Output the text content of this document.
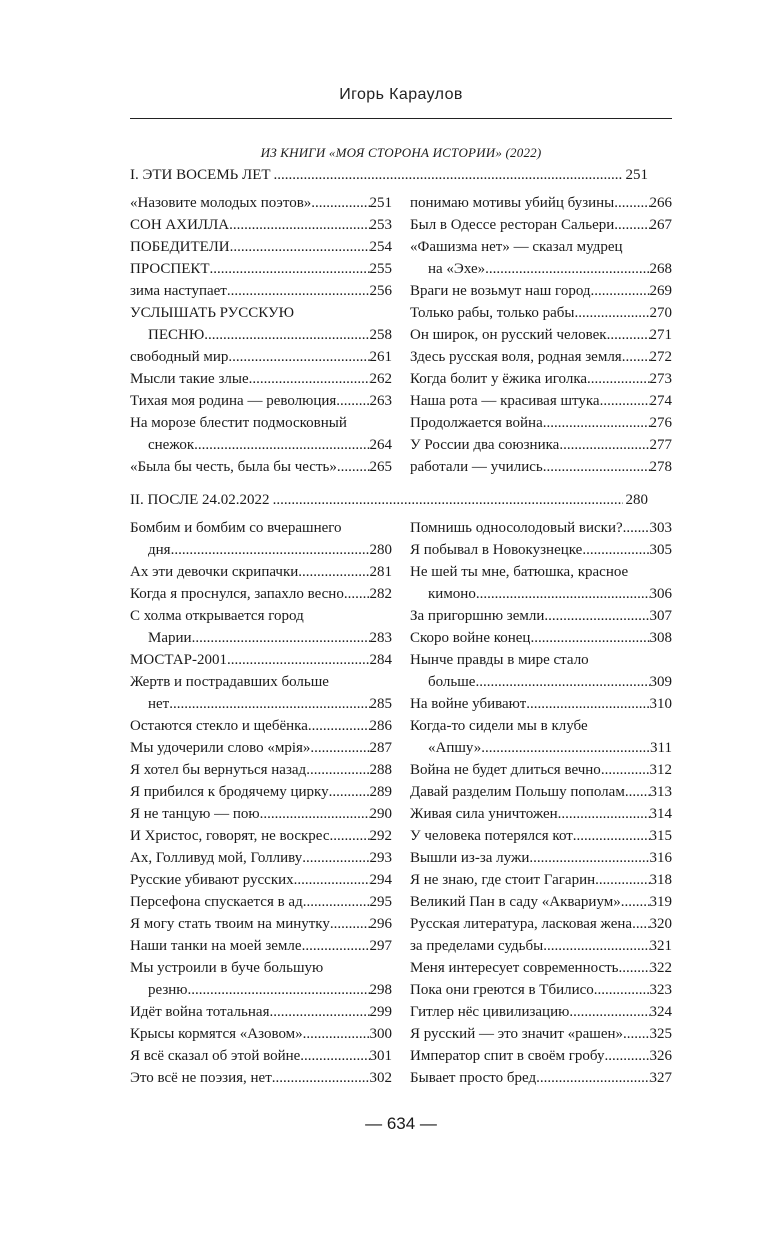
Игорь Караулов
ИЗ КНИГИ «МОЯ СТОРОНА ИСТОРИИ» (2022)
I. ЭТИ ВОСЕМЬ ЛЕТ .....	251
«Назовите молодых поэтов» .....	251
СОН АХИЛЛА .....	253
ПОБЕДИТЕЛИ .....	254
ПРОСПЕКТ .....	255
зима наступает .....	256
УСЛЫШАТЬ РУССКУЮ
ПЕСНЮ .....	258
свободный мир .....	261
Мысли такие злые .....	262
Тихая моя родина — революция ..... 263
На морозе блестит подмосковный
снежок .....	264
«Была бы честь, была бы честь» ..... 265
понимаю мотивы убийц бузины ..... 266
Был в Одессе ресторан Сальери ..... 267
«Фашизма нет» — сказал мудрец
на «Эхе» .....	268
Враги не возьмут наш город .....	269
Только рабы, только рабы .....	270
Он широк, он русский человек .....	271
Здесь русская воля, родная земля ..... 272
Когда болит у ёжика иголка .....	273
Наша рота — красивая штука .....	274
Продолжается война .....	276
У России два союзника .....	277
работали — учились .....	278
II. ПОСЛЕ 24.02.2022 .....	280
Бомбим и бомбим со вчерашнего
дня .....	280
Ах эти девочки скрипачки .....	281
Когда я проснулся, запахло весно ..... 282
С холма открывается город
Марии .....	283
МОСТАР-2001 .....	284
Жертв и пострадавших больше
нет .....	285
Остаются стекло и щебёнка .....	286
Мы удочерили слово «мрія» .....	287
Я хотел бы вернуться назад .....	288
Я прибился к бродячему цирку .....	289
Я не танцую — пою .....	290
И Христос, говорят, не воскрес .....	292
Ах, Голливуд мой, Голливу .....	293
Русские убивают русских .....	294
Персефона спускается в ад .....	295
Я могу стать твоим на минутку .....	296
Наши танки на моей земле .....	297
Мы устроили в буче большую
резню .....	298
Идёт война тотальная .....	299
Крысы кормятся «Азовом» .....	300
Я всё сказал об этой войне .....	301
Это всё не поэзия, нет .....	302
Помнишь односолодовый виски? ..... 303
Я побывал в Новокузнецке .....	305
Не шей ты мне, батюшка, красное
кимоно .....	306
За пригоршню земли .....	307
Скоро войне конец .....	308
Нынче правды в мире стало
больше .....	309
На войне убивают .....	310
Когда-то сидели мы в клубе
«Апшу» .....	311
Война не будет длиться вечно .....	312
Давай разделим Польшу пополам ..... 313
Живая сила уничтожен .....	314
У человека потерялся кот .....	315
Вышли из-за лужи .....	316
Я не знаю, где стоит Гагарин .....	318
Великий Пан в саду «Аквариум» ..... 319
Русская литература, ласковая жена ..... 320
за пределами судьбы .....	321
Меня интересует современность ..... 322
Пока они греются в Тбилисо .....	323
Гитлер нёс цивилизацию .....	324
Я русский — это значит «рашен» ..... 325
Император спит в своём гробу .....	326
Бывает просто бред .....	327
— 634 —
